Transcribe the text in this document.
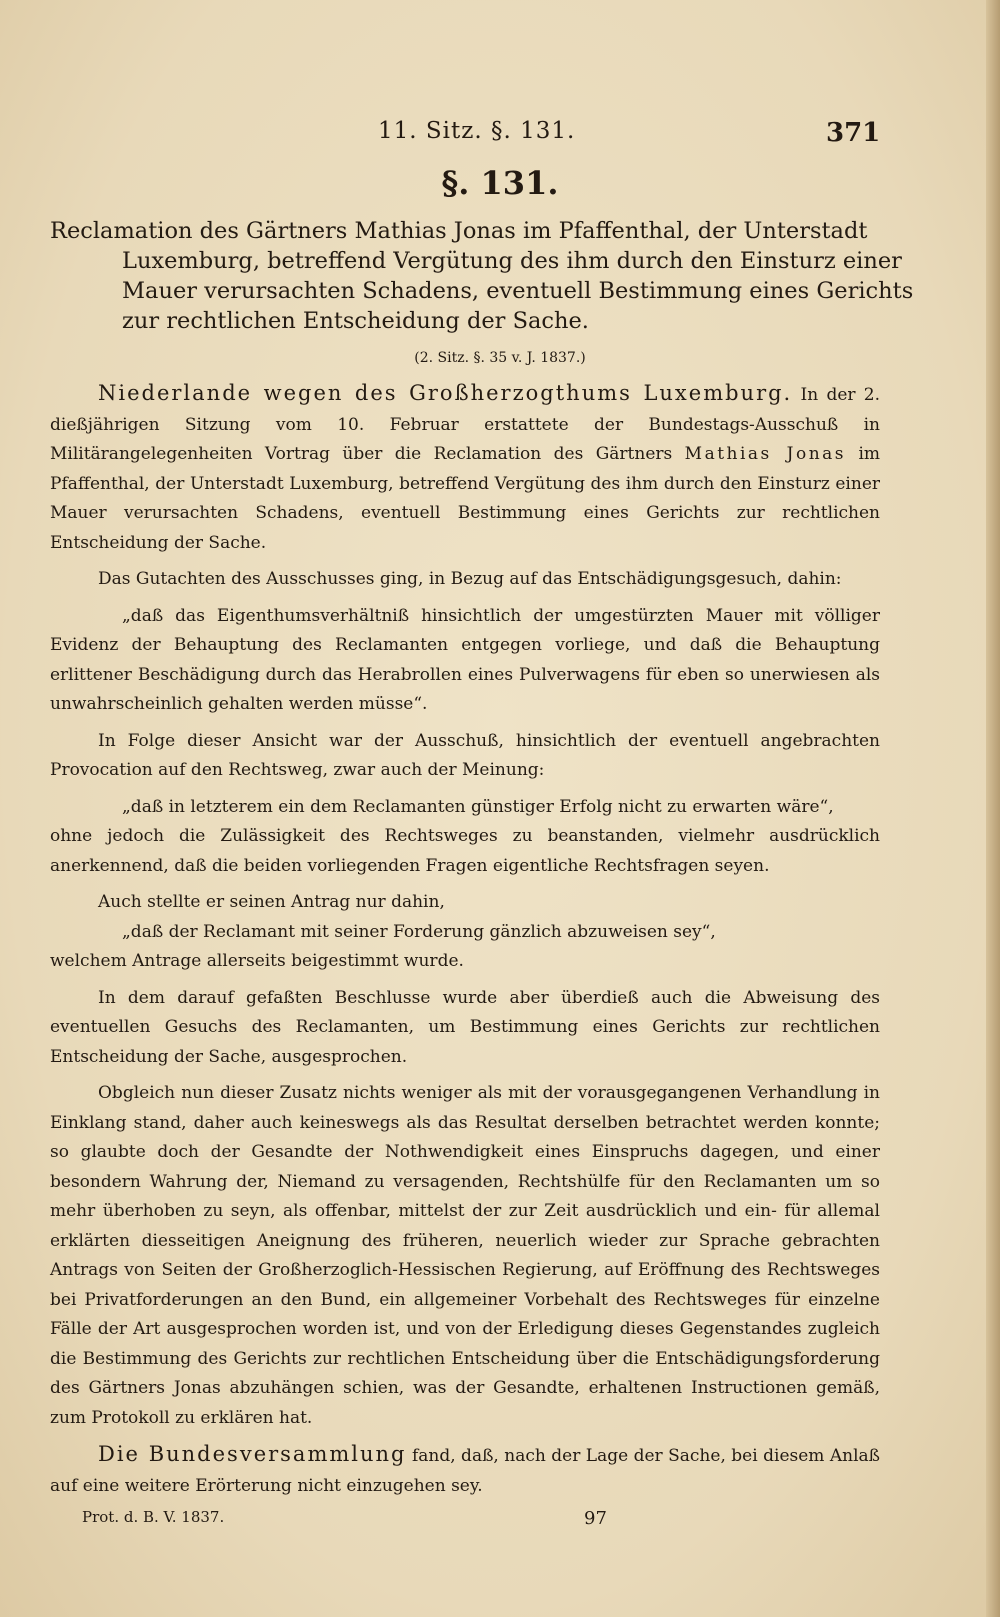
11. Sitz. §. 131.	371
§. 131.
Reclamation des Gärtners Mathias Jonas im Pfaffenthal, der Unterstadt Luxemburg, betreffend Vergütung des ihm durch den Einsturz einer Mauer verursachten Schadens, eventuell Bestimmung eines Gerichts zur rechtlichen Entscheidung der Sache.
(2. Sitz. §. 35 v. J. 1837.)

Niederlande wegen des Großherzogthums Luxemburg. In der 2. dießjährigen Sitzung vom 10. Februar erstattete der Bundestags-Ausschuß in Militärangelegenheiten Vortrag über die Reclamation des Gärtners Mathias Jonas im Pfaffenthal, der Unterstadt Luxemburg, betreffend Vergütung des ihm durch den Einsturz einer Mauer verursachten Schadens, eventuell Bestimmung eines Gerichts zur rechtlichen Entscheidung der Sache.

Das Gutachten des Ausschusses ging, in Bezug auf das Entschädigungsgesuch, dahin:

„daß das Eigenthumsverhältniß hinsichtlich der umgestürzten Mauer mit völliger Evidenz der Behauptung des Reclamanten entgegen vorliege, und daß die Behauptung erlittener Beschädigung durch das Herabrollen eines Pulverwagens für eben so unerwiesen als unwahrscheinlich gehalten werden müsse“.

In Folge dieser Ansicht war der Ausschuß, hinsichtlich der eventuell angebrachten Provocation auf den Rechtsweg, zwar auch der Meinung:

„daß in letzterem ein dem Reclamanten günstiger Erfolg nicht zu erwarten wäre“,

ohne jedoch die Zulässigkeit des Rechtsweges zu beanstanden, vielmehr ausdrücklich anerkennend, daß die beiden vorliegenden Fragen eigentliche Rechtsfragen seyen.

Auch stellte er seinen Antrag nur dahin,

„daß der Reclamant mit seiner Forderung gänzlich abzuweisen sey“,

welchem Antrage allerseits beigestimmt wurde.

In dem darauf gefaßten Beschlusse wurde aber überdieß auch die Abweisung des eventuellen Gesuchs des Reclamanten, um Bestimmung eines Gerichts zur rechtlichen Entscheidung der Sache, ausgesprochen.

Obgleich nun dieser Zusatz nichts weniger als mit der vorausgegangenen Verhandlung in Einklang stand, daher auch keineswegs als das Resultat derselben betrachtet werden konnte; so glaubte doch der Gesandte der Nothwendigkeit eines Einspruchs dagegen, und einer besondern Wahrung der, Niemand zu versagenden, Rechtshülfe für den Reclamanten um so mehr überhoben zu seyn, als offenbar, mittelst der zur Zeit ausdrücklich und ein- für allemal erklärten diesseitigen Aneignung des früheren, neuerlich wieder zur Sprache gebrachten Antrags von Seiten der Großherzoglich-Hessischen Regierung, auf Eröffnung des Rechtsweges bei Privatforderungen an den Bund, ein allgemeiner Vorbehalt des Rechtsweges für einzelne Fälle der Art ausgesprochen worden ist, und von der Erledigung dieses Gegenstandes zugleich die Bestimmung des Gerichts zur rechtlichen Entscheidung über die Entschädigungsforderung des Gärtners Jonas abzuhängen schien, was der Gesandte, erhaltenen Instructionen gemäß, zum Protokoll zu erklären hat.

Die Bundesversammlung fand, daß, nach der Lage der Sache, bei diesem Anlaß auf eine weitere Erörterung nicht einzugehen sey.

Prot. d. B. V. 1837.	97
